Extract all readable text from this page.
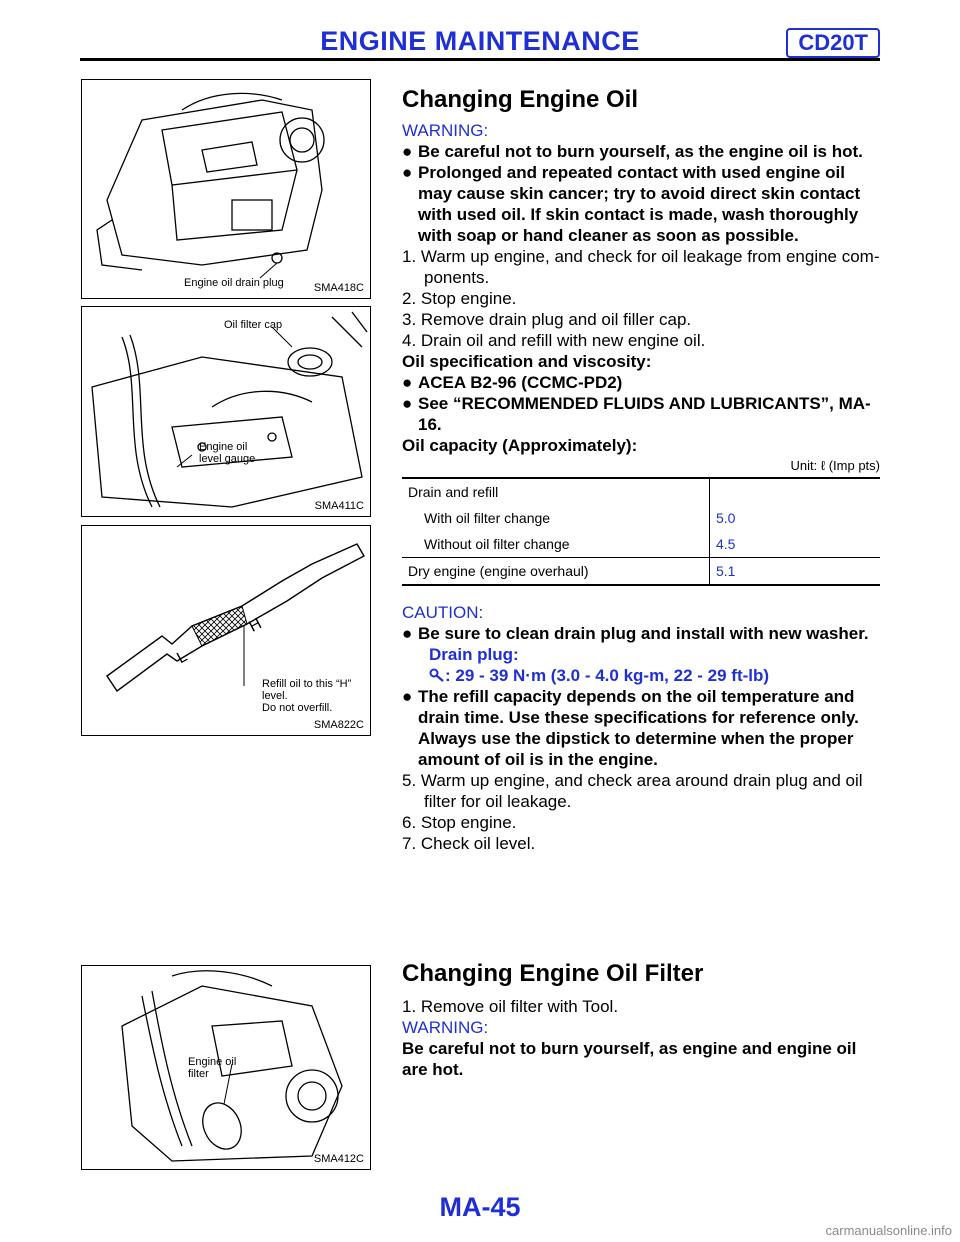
ENGINE MAINTENANCE	CD20T
Engine oil drain plug	SMA418C
Oil filter cap
Engine oil
level gauge
SMA411C
L
H
Refill oil to this “H”
level.
Do not overfill.
SMA822C
Engine oil
filter
SMA412C
Changing Engine Oil

WARNING:

● Be careful not to burn yourself, as the engine oil is hot.
● Prolonged and repeated contact with used engine oil may cause skin cancer; try to avoid direct skin contact with used oil. If skin contact is made, wash thoroughly with soap or hand cleaner as soon as possible.
1. Warm up engine, and check for oil leakage from engine com- ponents.
2. Stop engine.
3. Remove drain plug and oil filler cap.
4. Drain oil and refill with new engine oil.
Oil specification and viscosity:
● ACEA B2-96 (CCMC-PD2)
● See “RECOMMENDED FLUIDS AND LUBRICANTS”, MA-16.
Oil capacity (Approximately):
Unit: ℓ (Imp pts)
Drain and refill	
With oil filter change	5.0
Without oil filter change	4.5
Dry engine (engine overhaul)	5.1

CAUTION:

● Be sure to clean drain plug and install with new washer.
Drain plug:
: 29 - 39 N·m (3.0 - 4.0 kg-m, 22 - 29 ft-lb)
● The refill capacity depends on the oil temperature and drain time. Use these specifications for reference only. Always use the dipstick to determine when the proper amount of oil is in the engine.
5. Warm up engine, and check area around drain plug and oil filter for oil leakage.
6. Stop engine.
7. Check oil level.
Changing Engine Oil Filter
1. Remove oil filter with Tool.
WARNING:
Be careful not to burn yourself, as engine and engine oil are hot.
MA-45
carmanualsonline.info
